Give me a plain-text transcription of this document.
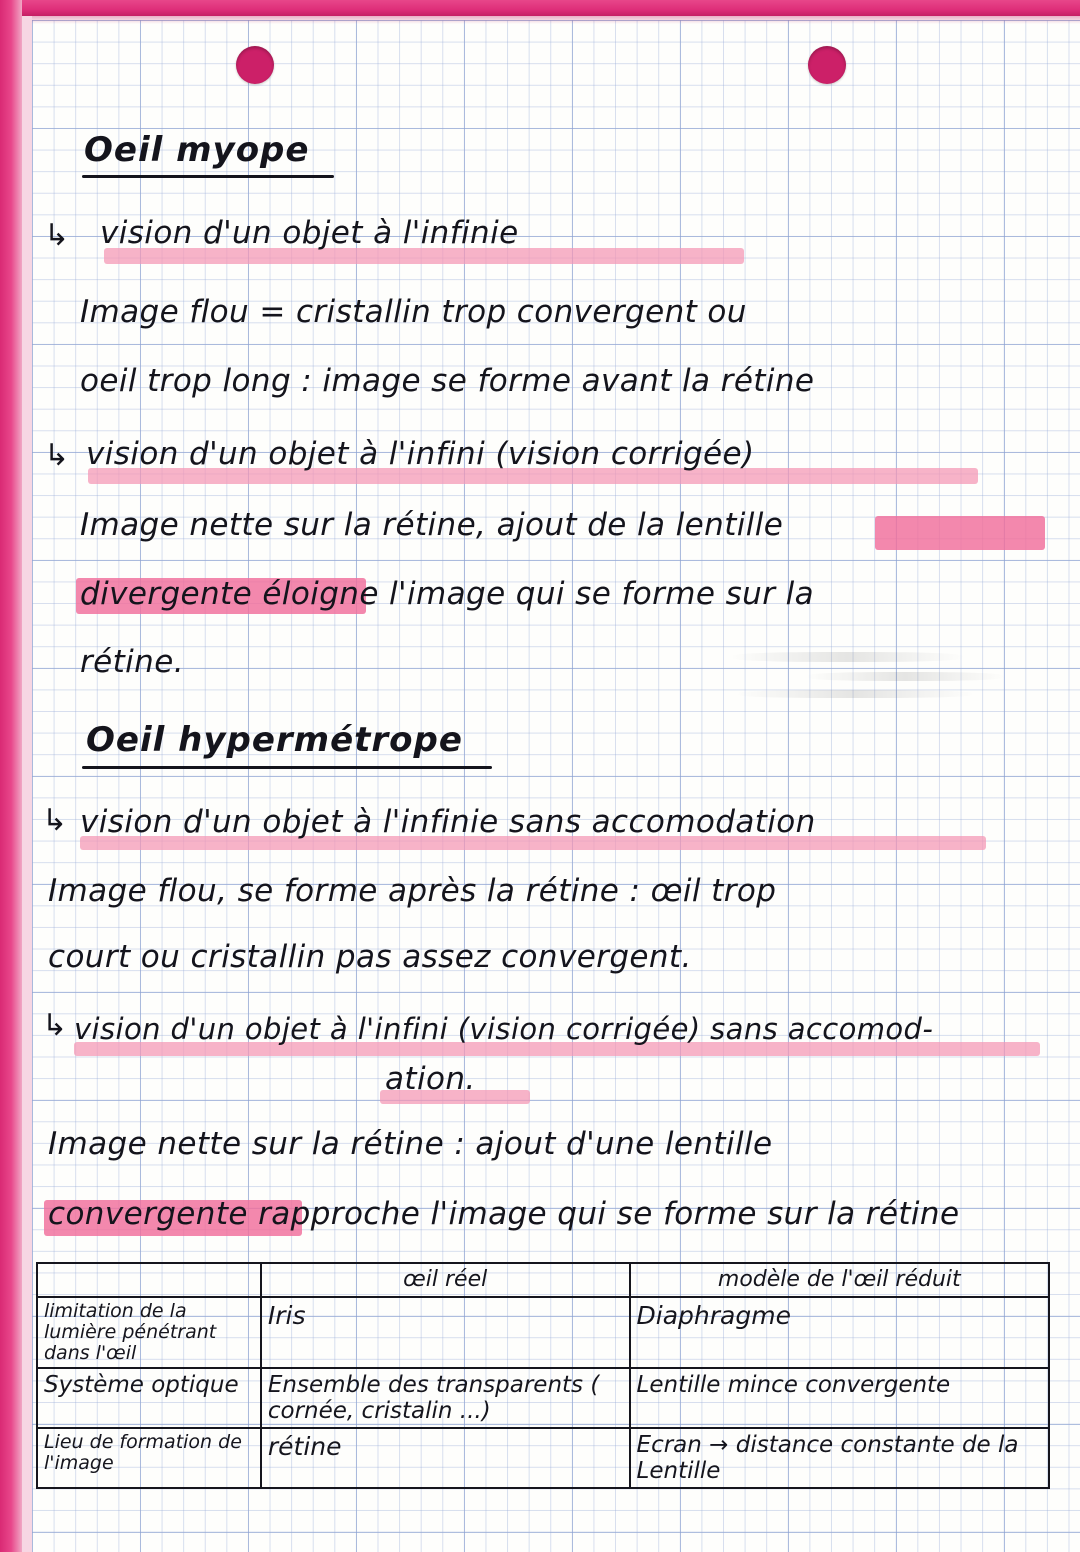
Oeil myope
↳ vision d'un objet à l'infinie
Image flou = cristallin trop convergent ou
oeil trop long : image se forme avant la rétine
↳ vision d'un objet à l'infini (vision corrigée)
Image nette sur la rétine, ajout de la lentille
divergente éloigne l'image qui se forme sur la
rétine.
Oeil hypermétrope
↳ vision d'un objet à l'infinie sans accomodation
Image flou, se forme après la rétine : œil trop
court ou cristallin pas assez convergent.
↳ vision d'un objet à l'infini (vision corrigée) sans accomod-
ation.
Image nette sur la rétine : ajout d'une lentille
convergente rapproche l'image qui se forme sur la rétine
	œil réel	modèle de l'œil réduit
limitation de la lumière pénétrant dans l'œil	Iris	Diaphragme
Système optique	Ensemble des transparents ( cornée, cristalin ...)	Lentille mince convergente
Lieu de formation de l'image	rétine	Ecran → distance constante de la Lentille
